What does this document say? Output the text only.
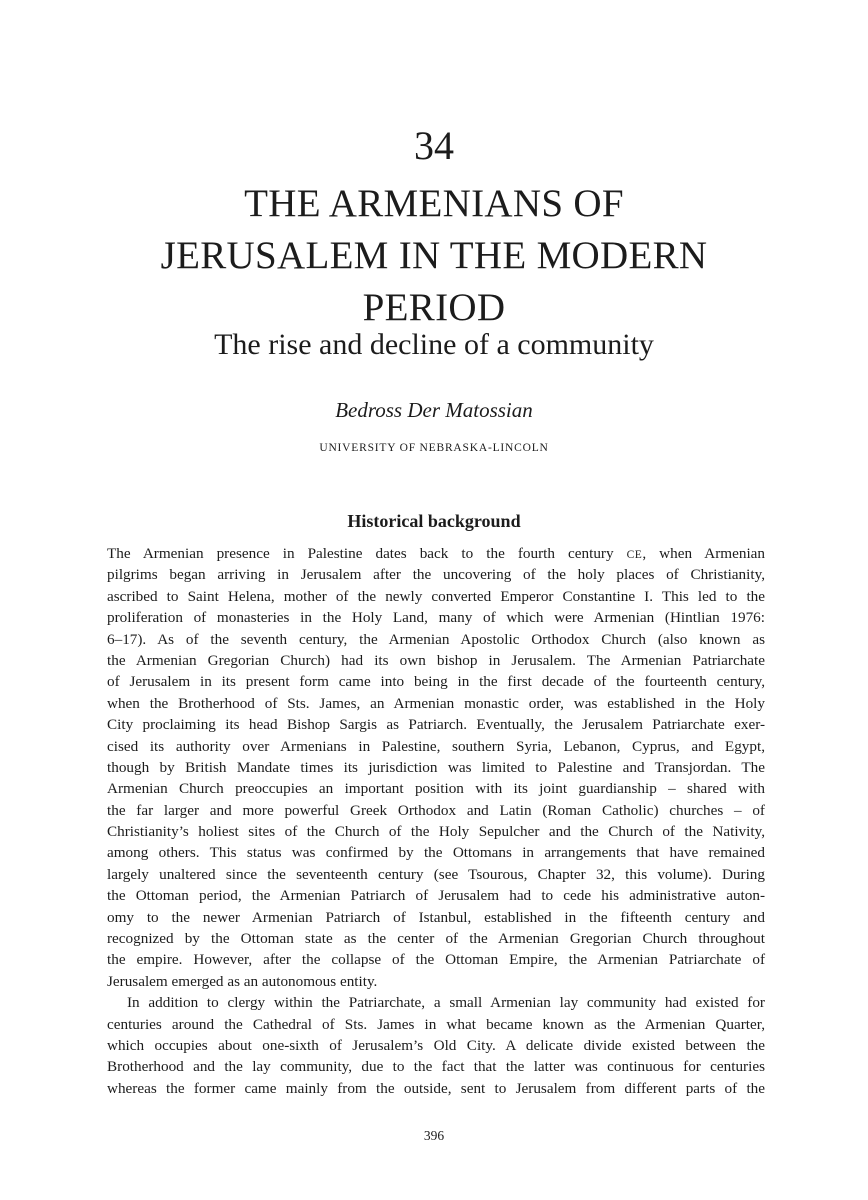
34
THE ARMENIANS OF
JERUSALEM IN THE MODERN
PERIOD
The rise and decline of a community
Bedross Der Matossian
UNIVERSITY OF NEBRASKA-LINCOLN
Historical background
The Armenian presence in Palestine dates back to the fourth century CE, when Armenian
pilgrims began arriving in Jerusalem after the uncovering of the holy places of Christianity,
ascribed to Saint Helena, mother of the newly converted Emperor Constantine I. This led to the
proliferation of monasteries in the Holy Land, many of which were Armenian (Hintlian 1976:
6–17). As of the seventh century, the Armenian Apostolic Orthodox Church (also known as
the Armenian Gregorian Church) had its own bishop in Jerusalem. The Armenian Patriarchate
of Jerusalem in its present form came into being in the first decade of the fourteenth century,
when the Brotherhood of Sts. James, an Armenian monastic order, was established in the Holy
City proclaiming its head Bishop Sargis as Patriarch. Eventually, the Jerusalem Patriarchate exer-
cised its authority over Armenians in Palestine, southern Syria, Lebanon, Cyprus, and Egypt,
though by British Mandate times its jurisdiction was limited to Palestine and Transjordan. The
Armenian Church preoccupies an important position with its joint guardianship – shared with
the far larger and more powerful Greek Orthodox and Latin (Roman Catholic) churches – of
Christianity’s holiest sites of the Church of the Holy Sepulcher and the Church of the Nativity,
among others. This status was confirmed by the Ottomans in arrangements that have remained
largely unaltered since the seventeenth century (see Tsourous, Chapter 32, this volume). During
the Ottoman period, the Armenian Patriarch of Jerusalem had to cede his administrative auton-
omy to the newer Armenian Patriarch of Istanbul, established in the fifteenth century and
recognized by the Ottoman state as the center of the Armenian Gregorian Church throughout
the empire. However, after the collapse of the Ottoman Empire, the Armenian Patriarchate of
Jerusalem emerged as an autonomous entity.
In addition to clergy within the Patriarchate, a small Armenian lay community had existed for
centuries around the Cathedral of Sts. James in what became known as the Armenian Quarter,
which occupies about one-sixth of Jerusalem’s Old City. A delicate divide existed between the
Brotherhood and the lay community, due to the fact that the latter was continuous for centuries
whereas the former came mainly from the outside, sent to Jerusalem from different parts of the
396
